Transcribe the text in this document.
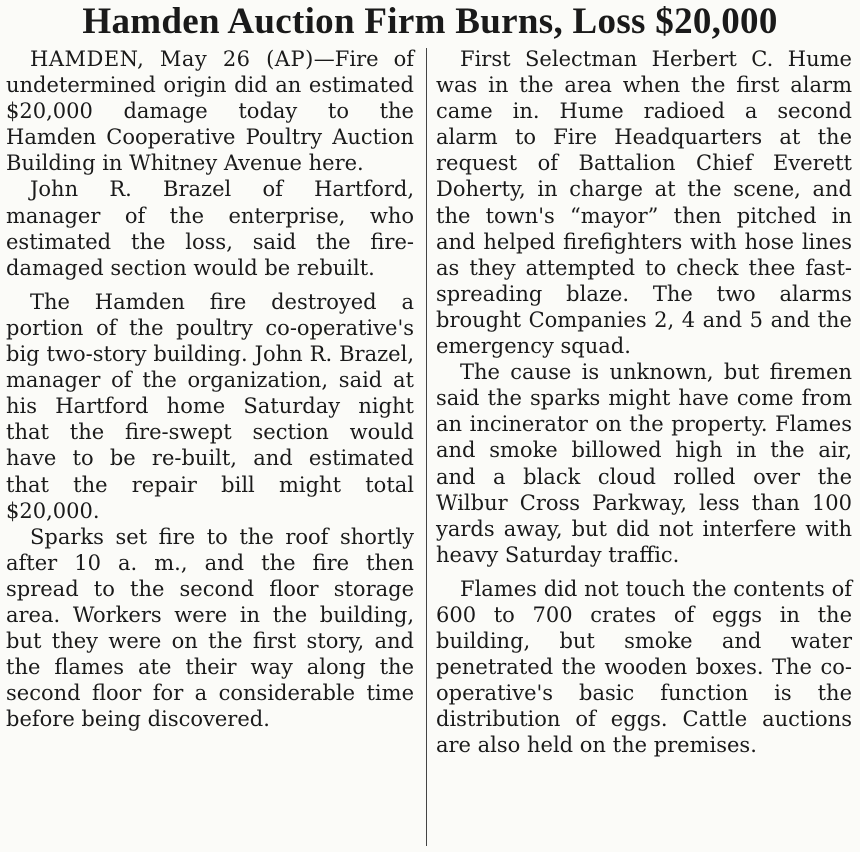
Hamden Auction Firm Burns, Loss $20,000

HAMDEN, May 26 (AP)—Fire of undetermined origin did an estimated $20,000 damage today to the Hamden Cooperative Poultry Auction Building in Whitney Avenue here.

John R. Brazel of Hartford, manager of the enterprise, who estimated the loss, said the fire-damaged section would be rebuilt.

The Hamden fire destroyed a portion of the poultry co-operative's big two-story building. John R. Brazel, manager of the organization, said at his Hartford home Saturday night that the fire-swept section would have to be re-built, and estimated that the repair bill might total $20,000.

Sparks set fire to the roof shortly after 10 a. m., and the fire then spread to the second floor storage area. Workers were in the building, but they were on the first story, and the flames ate their way along the second floor for a considerable time before being discovered.

First Selectman Herbert C. Hume was in the area when the first alarm came in. Hume radioed a second alarm to Fire Headquarters at the request of Battalion Chief Everett Doherty, in charge at the scene, and the town's “mayor” then pitched in and helped firefighters with hose lines as they attempted to check thee fast-spreading blaze. The two alarms brought Companies 2, 4 and 5 and the emergency squad.

The cause is unknown, but firemen said the sparks might have come from an incinerator on the property. Flames and smoke billowed high in the air, and a black cloud rolled over the Wilbur Cross Parkway, less than 100 yards away, but did not interfere with heavy Saturday traffic.

Flames did not touch the contents of 600 to 700 crates of eggs in the building, but smoke and water penetrated the wooden boxes. The co-operative's basic function is the distribution of eggs. Cattle auctions are also held on the premises.
